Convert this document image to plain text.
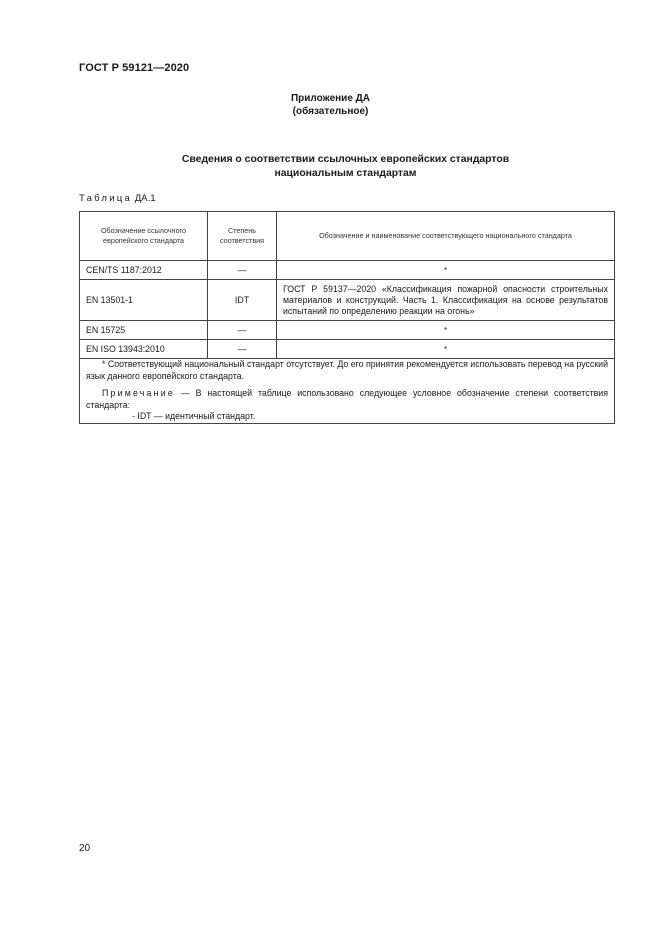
ГОСТ Р 59121—2020
Приложение ДА
(обязательное)
Сведения о соответствии ссылочных европейских стандартов
национальным стандартам
Таблица ДА.1
Обозначение ссылочного европейского стандарта	Степень соответствия	Обозначение и наименование соответствующего национального стандарта
CEN/TS 1187:2012	—	*
EN 13501-1	IDT	ГОСТ Р 59137—2020 «Классификация пожарной опасности строительных материалов и конструкций. Часть 1. Классификация на основе результатов испытаний по определению реакции на огонь»
EN 15725	—	*
EN ISO 13943:2010	—	*

* Соответствующий национальный стандарт отсутствует. До его принятия рекомендуется использовать перевод на русский язык данного европейского стандарта.

Примечание — В настоящей таблице использовано следующее условное обозначение степени соответствия стандарта:

- IDT — идентичный стандарт.		

20
